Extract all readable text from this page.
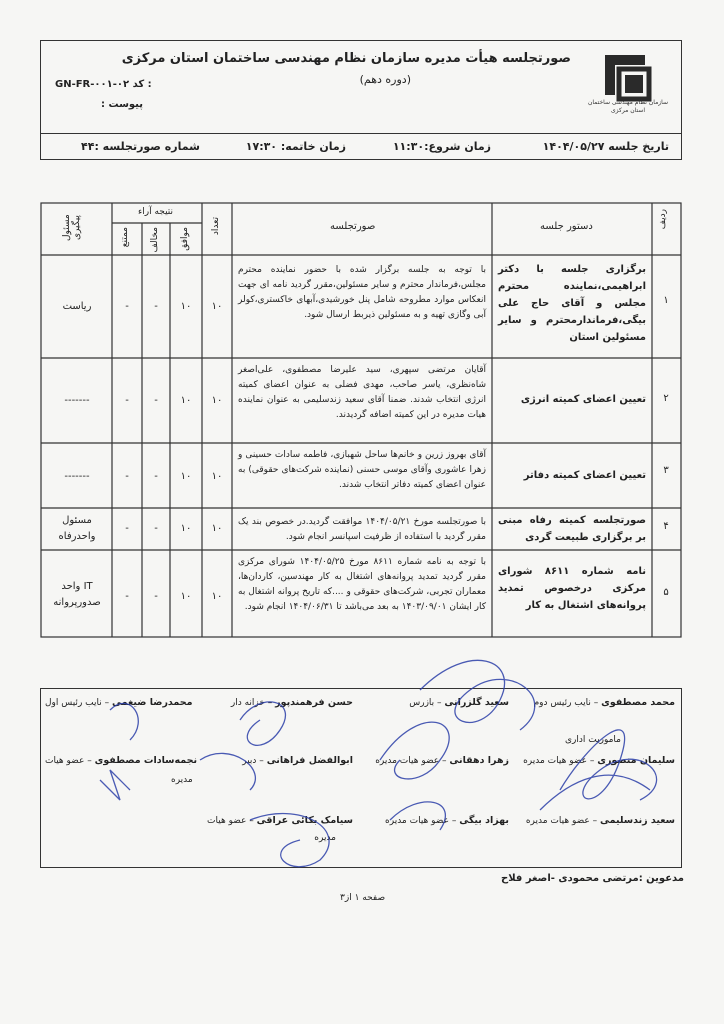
سازمان نظام مهندسی ساختمان استان مرکزی
صورتجلسه هیأت مدیره سازمان نظام مهندسی ساختمان استان مرکزی
(دوره دهم)
GN-FR-۰۰۱-۰۲ کد :
پیوست :
تاریخ جلسه ۱۴۰۴/۰۵/۲۷
زمان شروع:۱۱:۳۰
زمان خاتمه: ۱۷:۳۰
شماره صورتجلسه :۴۴
ردیف
دستور جلسه
صورتجلسه
تعداد
نتیجه آراء
موافق
مخالف
ممتنع
مسئول پیگیری
۱
برگزاری جلسه با دکتر ابراهیمی،نماینده محترم مجلس و آقای حاج علی بیگی،فرماندارمحترم و سایر مسئولین استان
با توجه به جلسه برگزار شده با حضور نماینده محترم مجلس،فرماندار محترم و سایر مسئولین،مقرر گردید نامه ای جهت انعکاس موارد مطروحه شامل پنل خورشیدی،آبهای خاکستری،کولر آبی وگازی تهیه و به مسئولین ذیربط ارسال شود.
۱۰
۱۰
-
-
ریاست
۲
تعیین اعضای کمیته انرژی
آقایان مرتضی سپهری، سید علیرضا مصطفوی، علی‌اصغر شاه‌نظری، یاسر صاحب، مهدی فضلی به عنوان اعضای کمیته انرژی انتخاب شدند. ضمنا آقای سعید زندسلیمی به عنوان نماینده هیات مدیره در این کمیته اضافه گردیدند.
۱۰
۱۰
-
-
-------
۳
تعیین اعضای کمیته دفاتر
آقای بهروز زرین و خانم‌ها ساحل شهبازی، فاطمه سادات حسینی و زهرا عاشوری وآقای موسی حسنی (نماینده شرکت‌های حقوقی) به عنوان اعضای کمیته دفاتر انتخاب شدند.
۱۰
۱۰
-
-
-------
۴
صورتجلسه کمیته رفاه مبنی بر برگزاری طبیعت گردی
با صورتجلسه مورخ ۱۴۰۴/۰۵/۲۱ موافقت گردید.در خصوص بند یک مقرر گردید با استفاده از ظرفیت اسپانسر انجام شود.
۱۰
۱۰
-
-
مسئول واحدرفاه
۵
نامه شماره ۸۶۱۱ شورای مرکزی درخصوص تمدید پروانه‌های اشتغال به کار
با توجه به نامه شماره ۸۶۱۱ مورخ ۱۴۰۴/۰۵/۲۵ شورای مرکزی مقرر گردید تمدید پروانه‌های اشتغال به کار مهندسین، کاردان‌ها، معماران تجربی، شرکت‌های حقوقی و ....که تاریخ پروانه اشتغال به کار ایشان ۱۴۰۳/۰۹/۰۱ به بعد می‌باشد تا ۱۴۰۴/۰۶/۳۱ انجام شود.
۱۰
۱۰
-
-
واحد IT صدورپروانه
محمد مصطفوی – نایب رئیس دوم
سعید گلزرانی – بازرس
حسن فرهمندپور – خزانه دار
محمدرضا ضیغمی – نایب رئیس اول
ماموریت اداری
سلیمان منصوری – عضو هیات مدیره
زهرا دهقانی – عضو هیات مدیره
ابوالفضل فراهانی – دبیر
نجمه‌سادات مصطفوی – عضو هیات
مدیره
سعید زندسلیمی – عضو هیات مدیره
بهزاد بیگی – عضو هیات مدیره
سیامک بکائی عراقی – عضو هیات
مدیره
مدعوین :مرتضی محمودی -اصغر فلاح
صفحه ۱ از۳
